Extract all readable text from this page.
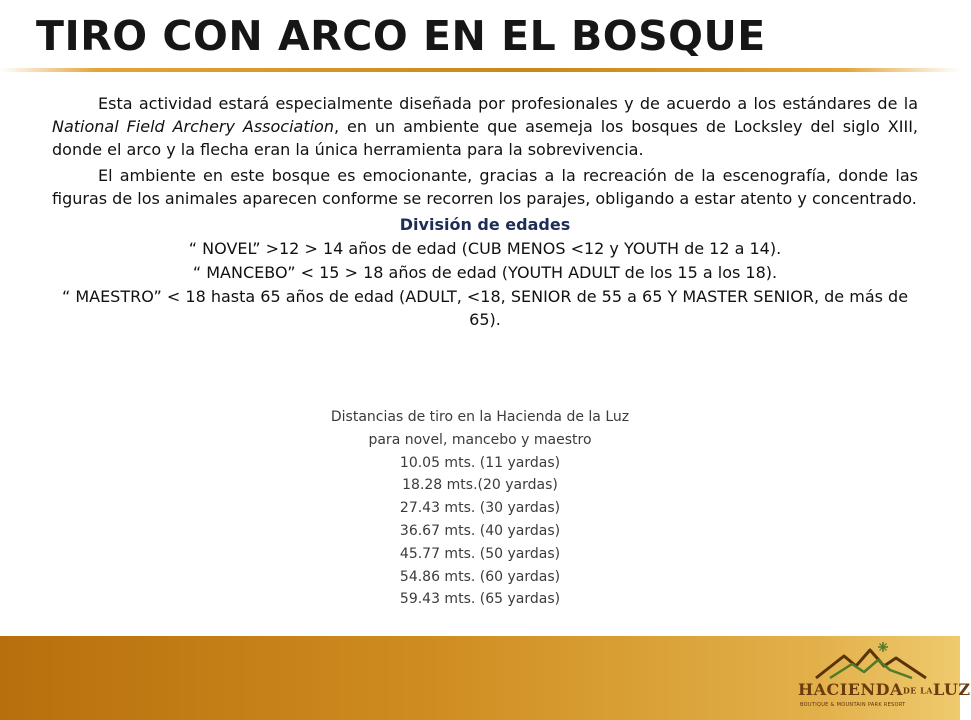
TIRO CON ARCO EN EL BOSQUE

Esta actividad estará especialmente diseñada por profesionales y de acuerdo a los estándares de la National Field Archery Association, en un ambiente que asemeja los bosques de Locksley del siglo XIII, donde el arco y la flecha eran la única herramienta para la sobrevivencia.

El ambiente en este bosque es emocionante, gracias a la recreación de la escenografía, donde las figuras de los animales aparecen conforme se recorren los parajes, obligando a estar atento y concentrado.

División de edades

“ NOVEL” >12 > 14 años de edad (CUB MENOS <12 y YOUTH de 12 a 14).

“ MANCEBO” < 15 > 18 años de edad (YOUTH ADULT de los 15 a los 18).

“ MAESTRO” < 18 hasta 65 años de edad (ADULT, <18, SENIOR de 55 a 65 Y MASTER SENIOR, de más de 65).

Distancias de tiro en la Hacienda de la Luz
para novel, mancebo y maestro
10.05 mts. (11 yardas)
18.28 mts.(20 yardas)
27.43 mts. (30 yardas)
36.67 mts. (40 yardas)
45.77 mts. (50 yardas)
54.86 mts. (60 yardas)
59.43 mts. (65 yardas)
HACIENDADE LALUZ
BOUTIQUE & MOUNTAIN PARK RESORT
